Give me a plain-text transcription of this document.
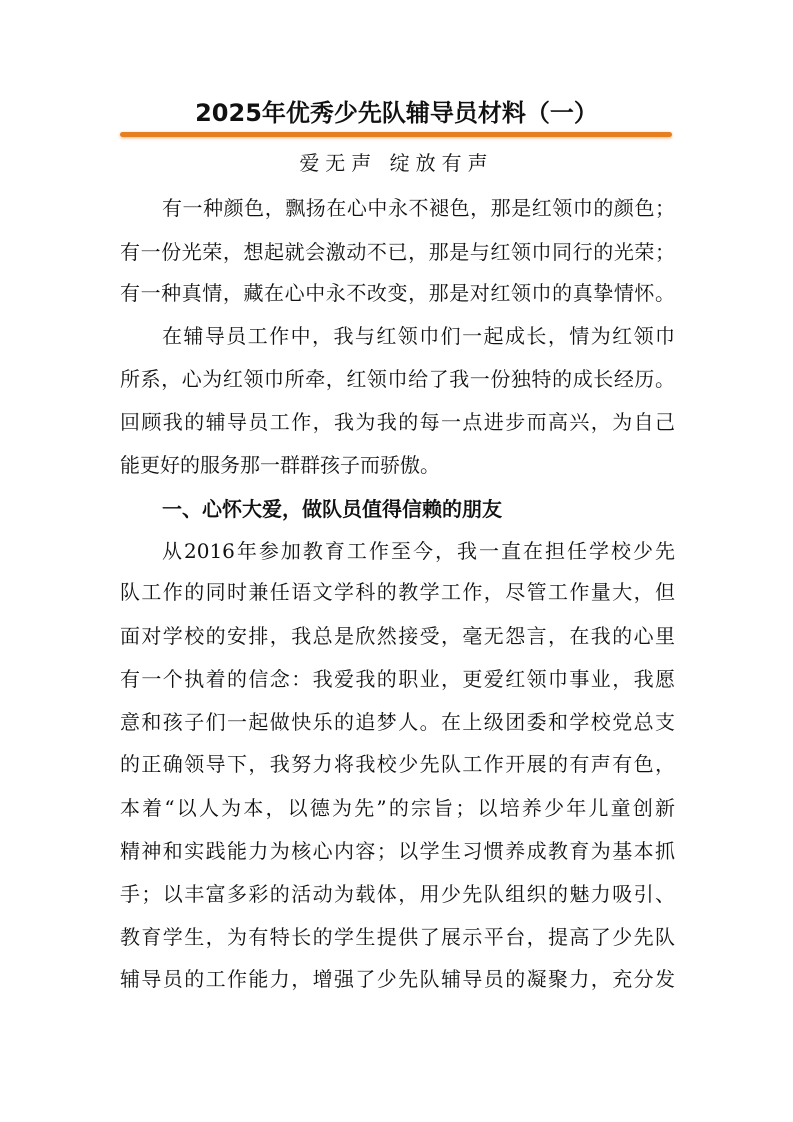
2025年优秀少先队辅导员材料（一）
爱无声 绽放有声
有一种颜色，飘扬在心中永不褪色，那是红领巾的颜色；
有一份光荣，想起就会激动不已，那是与红领巾同行的光荣；
有一种真情，藏在心中永不改变，那是对红领巾的真挚情怀。
在辅导员工作中，我与红领巾们一起成长，情为红领巾
所系，心为红领巾所牵，红领巾给了我一份独特的成长经历。
回顾我的辅导员工作，我为我的每一点进步而高兴，为自己
能更好的服务那一群群孩子而骄傲。
一、心怀大爱，做队员值得信赖的朋友
从2016年参加教育工作至今，我一直在担任学校少先
队工作的同时兼任语文学科的教学工作，尽管工作量大，但
面对学校的安排，我总是欣然接受，毫无怨言，在我的心里
有一个执着的信念：我爱我的职业，更爱红领巾事业，我愿
意和孩子们一起做快乐的追梦人。在上级团委和学校党总支
的正确领导下，我努力将我校少先队工作开展的有声有色，
本着“以人为本，以德为先”的宗旨；以培养少年儿童创新
精神和实践能力为核心内容；以学生习惯养成教育为基本抓
手；以丰富多彩的活动为载体，用少先队组织的魅力吸引、
教育学生，为有特长的学生提供了展示平台，提高了少先队
辅导员的工作能力，增强了少先队辅导员的凝聚力，充分发
